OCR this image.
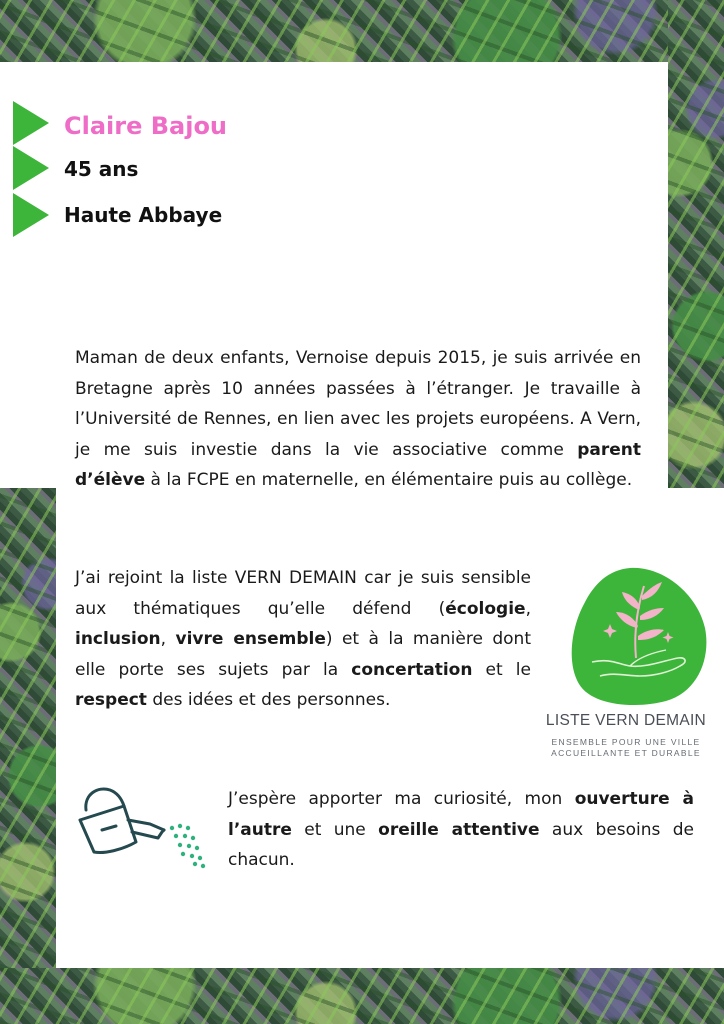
Claire Bajou
45 ans
Haute Abbaye

Maman de deux enfants, Vernoise depuis 2015, je suis arrivée en Bretagne après 10 années passées à l’étranger. Je travaille à l’Université de Rennes, en lien avec les projets européens. A Vern, je me suis investie dans la vie associative comme parent d’élève à la FCPE en maternelle, en élémentaire puis au collège.

J’ai rejoint la liste VERN DEMAIN car je suis sensible aux thématiques qu’elle défend (écologie, inclusion, vivre ensemble) et à la manière dont elle porte ses sujets par la concertation et le respect des idées et des personnes.

LISTE VERN DEMAIN
ENSEMBLE POUR UNE VILLE
ACCUEILLANTE ET DURABLE

J’espère apporter ma curiosité, mon ouverture à l’autre et une oreille attentive aux besoins de chacun.
